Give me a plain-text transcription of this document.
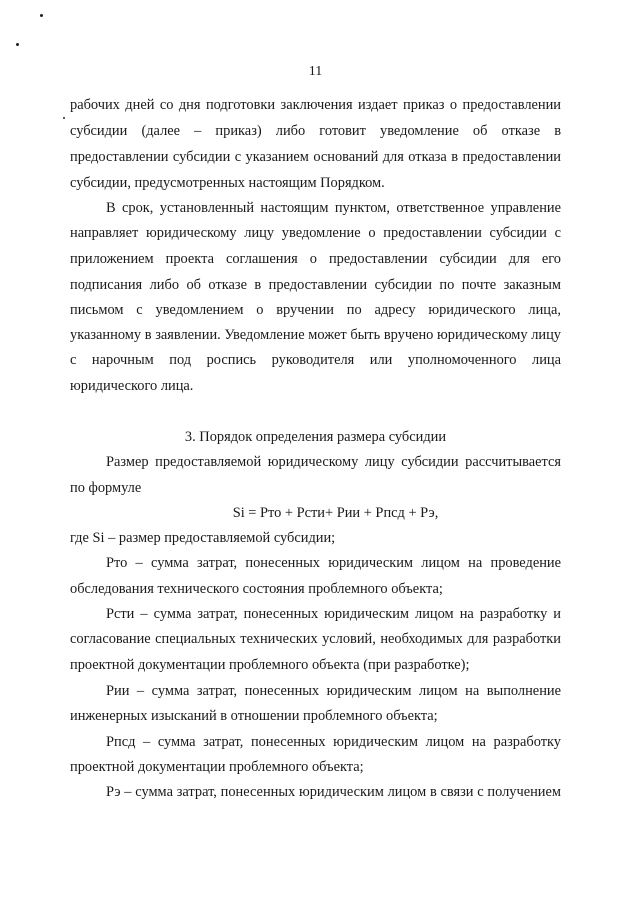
11
рабочих дней со дня подготовки заключения издает приказ о предоставлении
субсидии (далее – приказ) либо готовит уведомление об отказе в
предоставлении субсидии с указанием оснований для отказа в предоставлении
субсидии, предусмотренных настоящим Порядком.
В срок, установленный настоящим пунктом, ответственное управление
направляет юридическому лицу уведомление о предоставлении субсидии с
приложением проекта соглашения о предоставлении субсидии для его
подписания либо об отказе в предоставлении субсидии по почте заказным
письмом с уведомлением о вручении по адресу юридического лица,
указанному в заявлении. Уведомление может быть вручено юридическому лицу
с нарочным под роспись руководителя или уполномоченного лица
юридического лица.
3. Порядок определения размера субсидии
Размер предоставляемой юридическому лицу субсидии рассчитывается
по формуле
Si = Рто + Рсти+ Рии + Рпсд + Рэ,
где Si – размер предоставляемой субсидии;
Рто – сумма затрат, понесенных юридическим лицом на проведение
обследования технического состояния проблемного объекта;
Рсти – сумма затрат, понесенных юридическим лицом на разработку и
согласование специальных технических условий, необходимых для разработки
проектной документации проблемного объекта (при разработке);
Рии – сумма затрат, понесенных юридическим лицом на выполнение
инженерных изысканий в отношении проблемного объекта;
Рпсд – сумма затрат, понесенных юридическим лицом на разработку
проектной документации проблемного объекта;
Рэ – сумма затрат, понесенных юридическим лицом в связи с получением
